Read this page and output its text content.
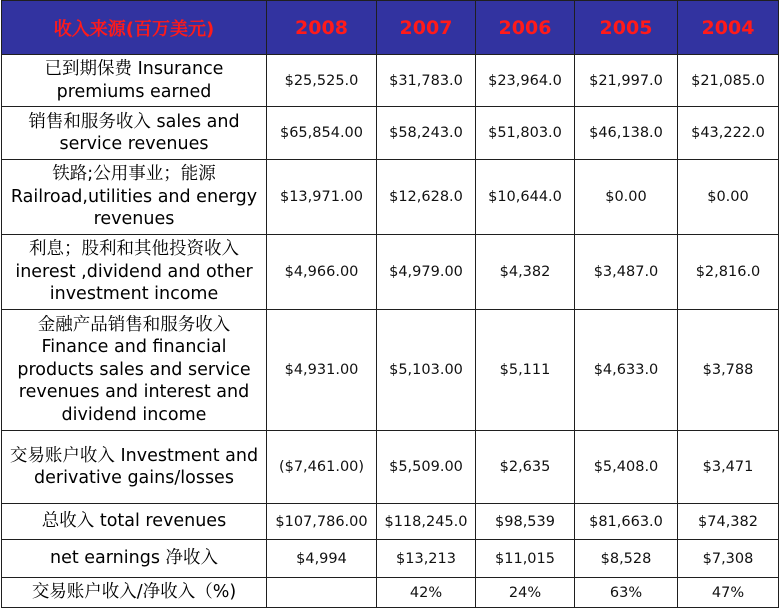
收入来源(百万美元)	2008	2007	2006	2005	2004
已到期保费 Insurance premiums earned	$25,525.0	$31,783.0	$23,964.0	$21,997.0	$21,085.0
销售和服务收入 sales and service revenues	$65,854.00	$58,243.0	$51,803.0	$46,138.0	$43,222.0
铁路;公用事业；能源 Railroad,utilities and energy revenues	$13,971.00	$12,628.0	$10,644.0	$0.00	$0.00
利息；股利和其他投资收入 inerest ,dividend and other investment income	$4,966.00	$4,979.00	$4,382	$3,487.0	$2,816.0
金融产品销售和服务收入 Finance and financial products sales and service revenues and interest and dividend income	$4,931.00	$5,103.00	$5,111	$4,633.0	$3,788
交易账户收入 Investment and derivative gains/losses	($7,461.00)	$5,509.00	$2,635	$5,408.0	$3,471
总收入 total revenues	$107,786.00	$118,245.0	$98,539	$81,663.0	$74,382
net earnings 净收入	$4,994	$13,213	$11,015	$8,528	$7,308
交易账户收入/净收入（%)		42%	24%	63%	47%
